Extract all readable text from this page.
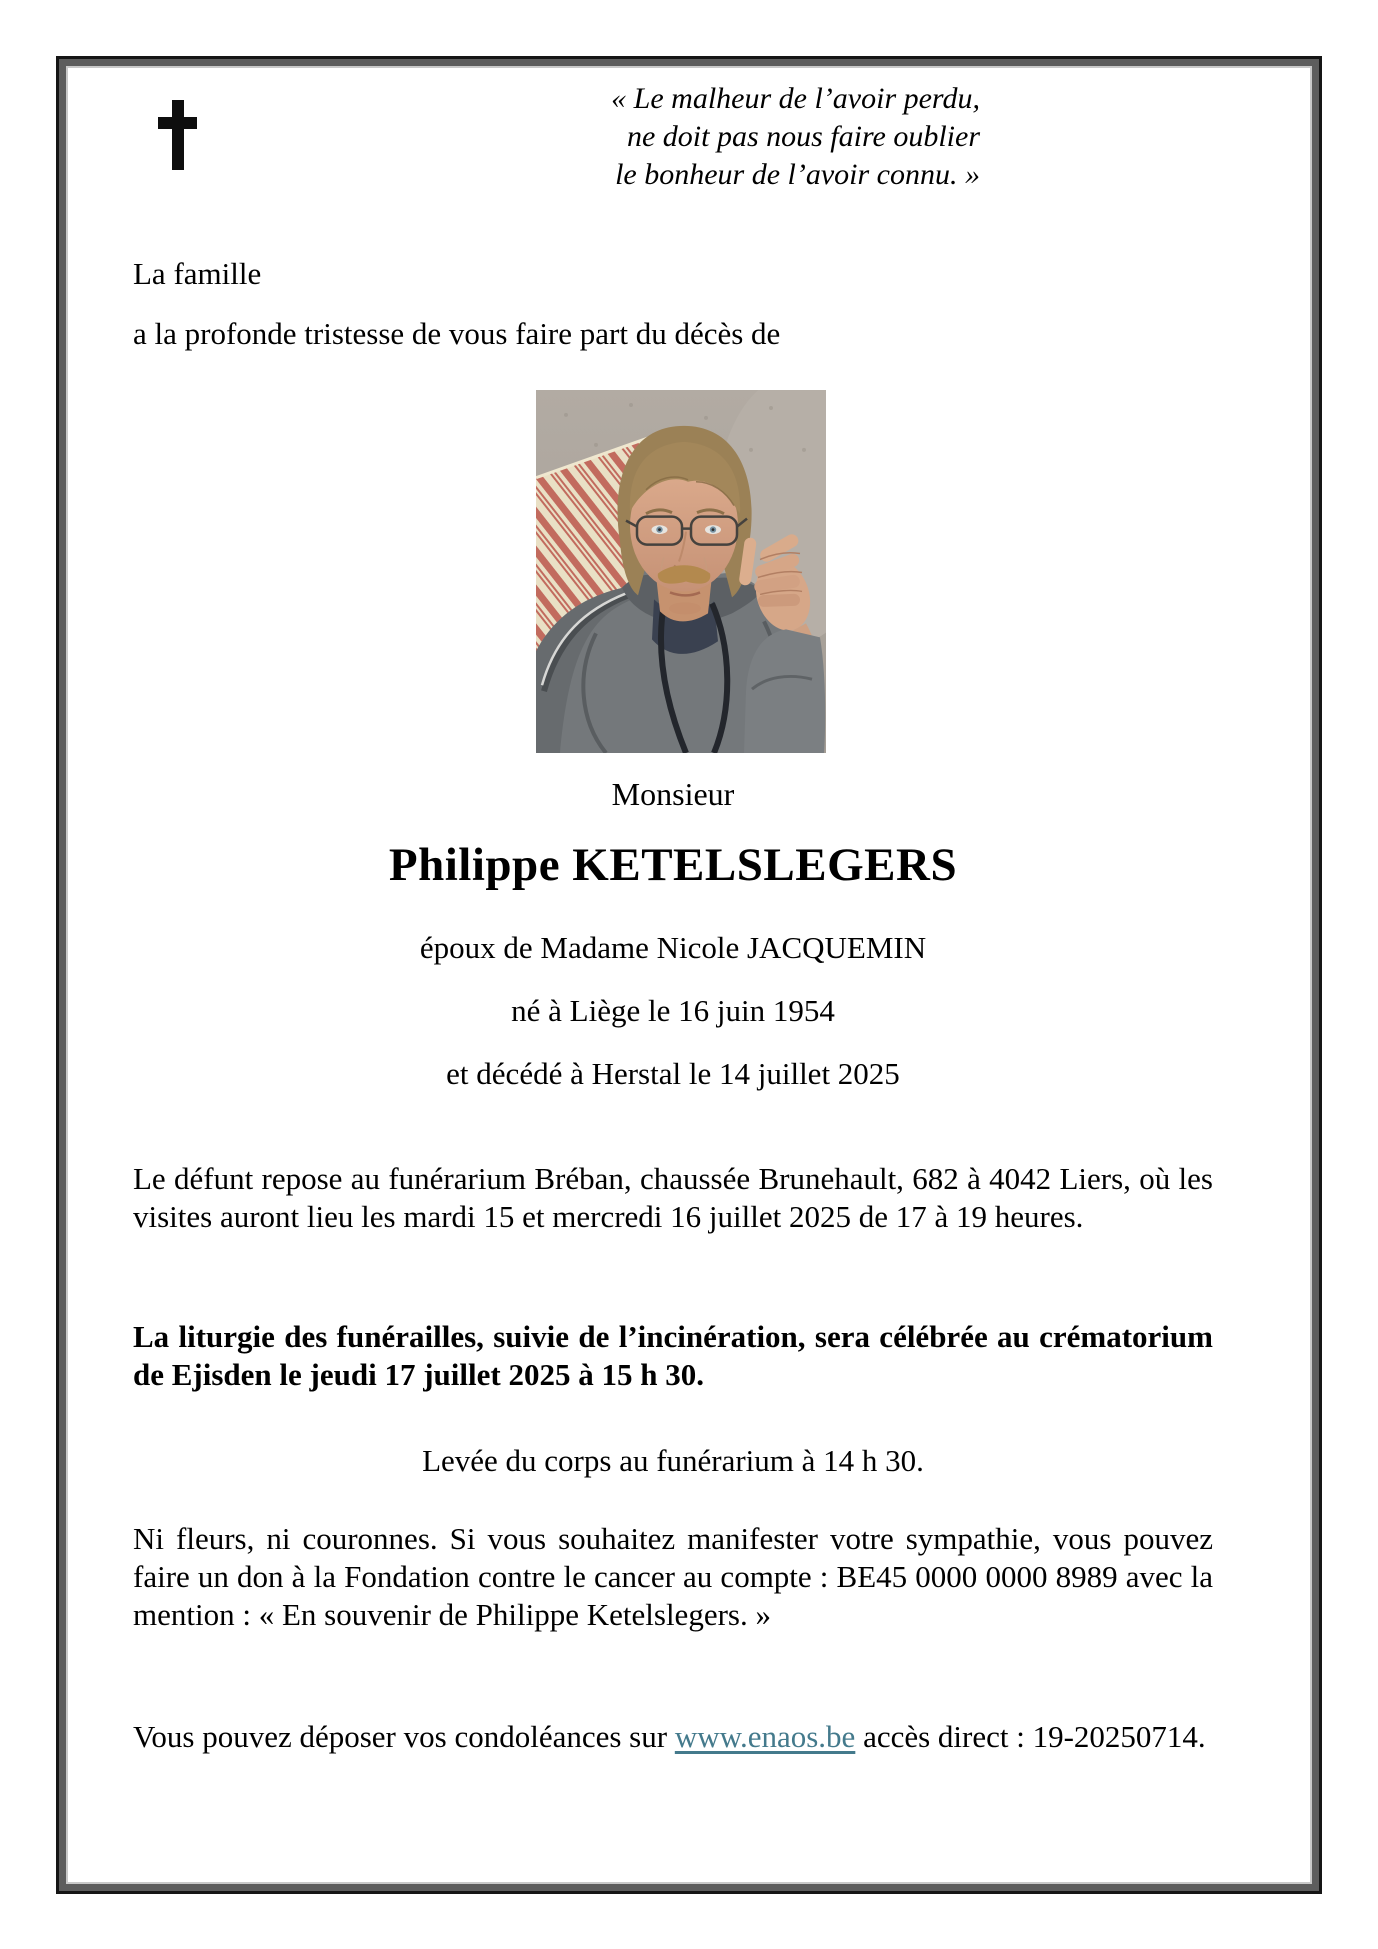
« Le malheur de l’avoir perdu,
ne doit pas nous faire oublier
le bonheur de l’avoir connu. »
La famille
a la profonde tristesse de vous faire part du décès de
Monsieur
Philippe KETELSLEGERS
époux de Madame Nicole JACQUEMIN
né à Liège le 16 juin 1954
et décédé à Herstal le 14 juillet 2025
Le défunt repose au funérarium Bréban, chaussée Brunehault, 682 à 4042 Liers, où les visites auront lieu les mardi 15 et mercredi 16 juillet 2025 de 17 à 19 heures.
La liturgie des funérailles, suivie de l’incinération, sera célébrée au crématorium de Ejisden le jeudi 17 juillet 2025 à 15 h 30.
Levée du corps au funérarium à 14 h 30.
Ni fleurs, ni couronnes. Si vous souhaitez manifester votre sympathie, vous pouvez faire un don à la Fondation contre le cancer au compte : BE45 0000 0000 8989 avec la mention : « En souvenir de Philippe Ketelslegers. »
Vous pouvez déposer vos condoléances sur www.enaos.be accès direct : 19-20250714.
